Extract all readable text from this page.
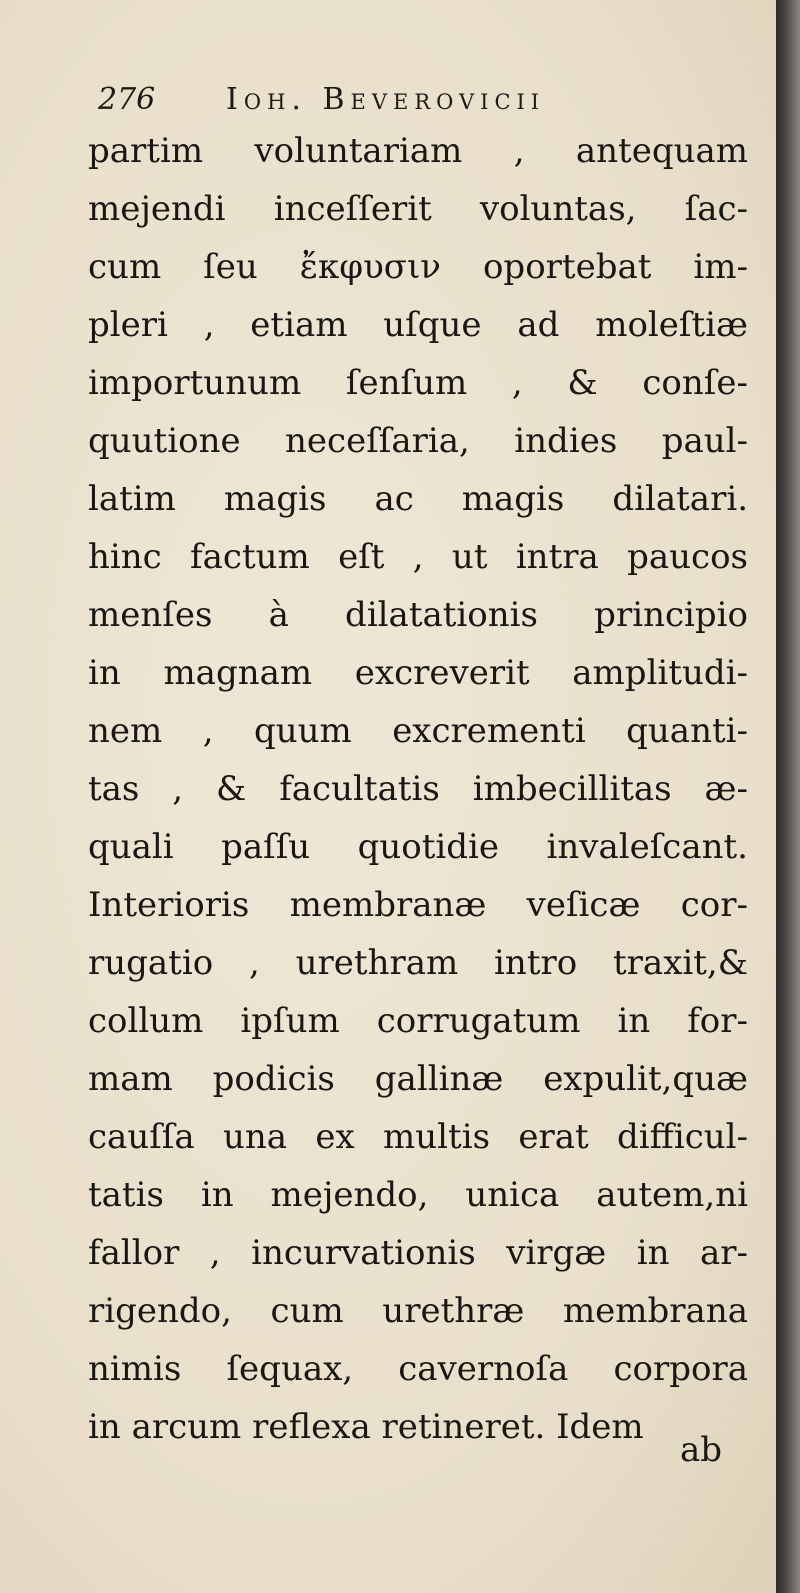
276	Ioh. Beverovicii
partim voluntariam , antequam
mejendi inceſſerit voluntas, ſac-
cum ſeu ἔκφυσιν oportebat im-
pleri , etiam uſque ad moleſtiæ
importunum ſenſum , & conſe-
quutione neceſſaria, indies paul-
latim magis ac magis dilatari.
hinc factum eſt , ut intra paucos
menſes à dilatationis principio
in magnam excreverit amplitudi-
nem , quum excrementi quanti-
tas , & facultatis imbecillitas æ-
quali paſſu quotidie invaleſcant.
Interioris membranæ veſicæ cor-
rugatio , urethram intro traxit,&
collum ipſum corrugatum in for-
mam podicis gallinæ expulit,quæ
cauſſa una ex multis erat difficul-
tatis in mejendo, unica autem,ni
fallor , incurvationis virgæ in ar-
rigendo, cum urethræ membrana
nimis ſequax, cavernoſa corpora
in arcum reflexa retineret. Idem
ab
